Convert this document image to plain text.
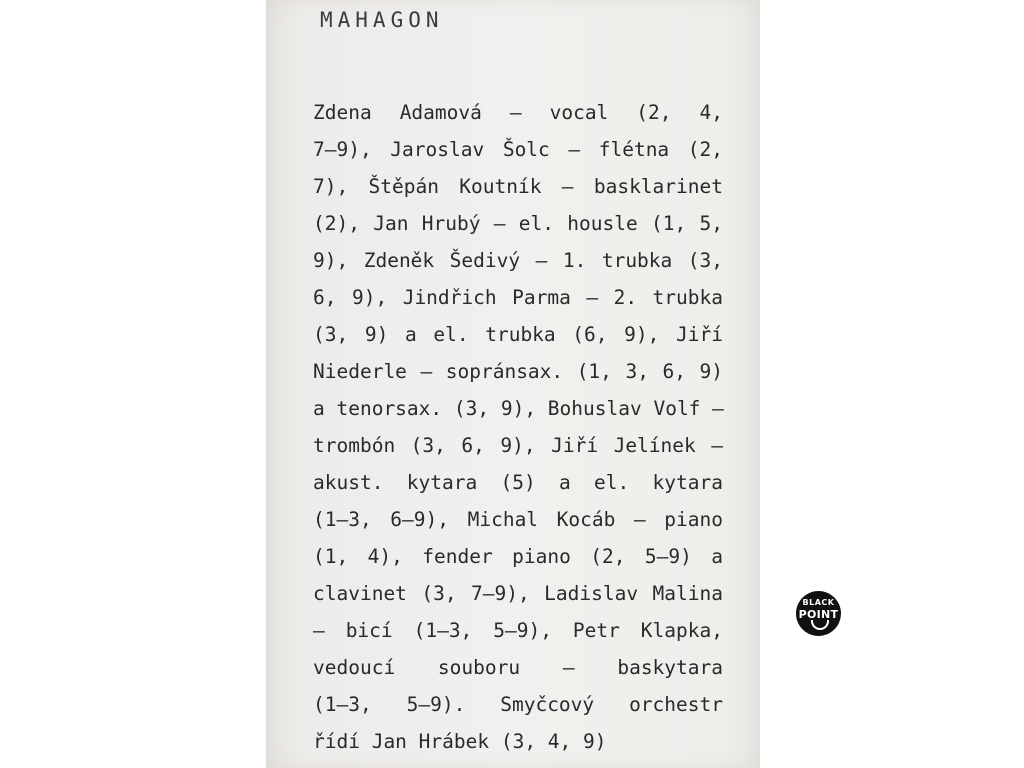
MAHAGON
Zdena Adamová — vocal (2, 4,
7—9), Jaroslav Šolc — flétna (2,
7), Štěpán Koutník — basklarinet
(2), Jan Hrubý — el. housle (1, 5,
9), Zdeněk Šedivý — 1. trubka (3,
6, 9), Jindřich Parma — 2. trubka
(3, 9) a el. trubka (6, 9), Jiří
Niederle — sopránsax. (1, 3, 6, 9)
a tenorsax. (3, 9), Bohuslav Volf —
trombón (3, 6, 9), Jiří Jelínek —
akust. kytara (5) a el. kytara
(1—3, 6—9), Michal Kocáb — piano
(1, 4), fender piano (2, 5—9) a
clavinet (3, 7—9), Ladislav Malina
— bicí (1—3, 5—9), Petr Klapka,
vedoucí souboru — baskytara
(1—3, 5—9). Smyčcový orchestr
řídí Jan Hrábek (3, 4, 9)
BLACK
POINT
